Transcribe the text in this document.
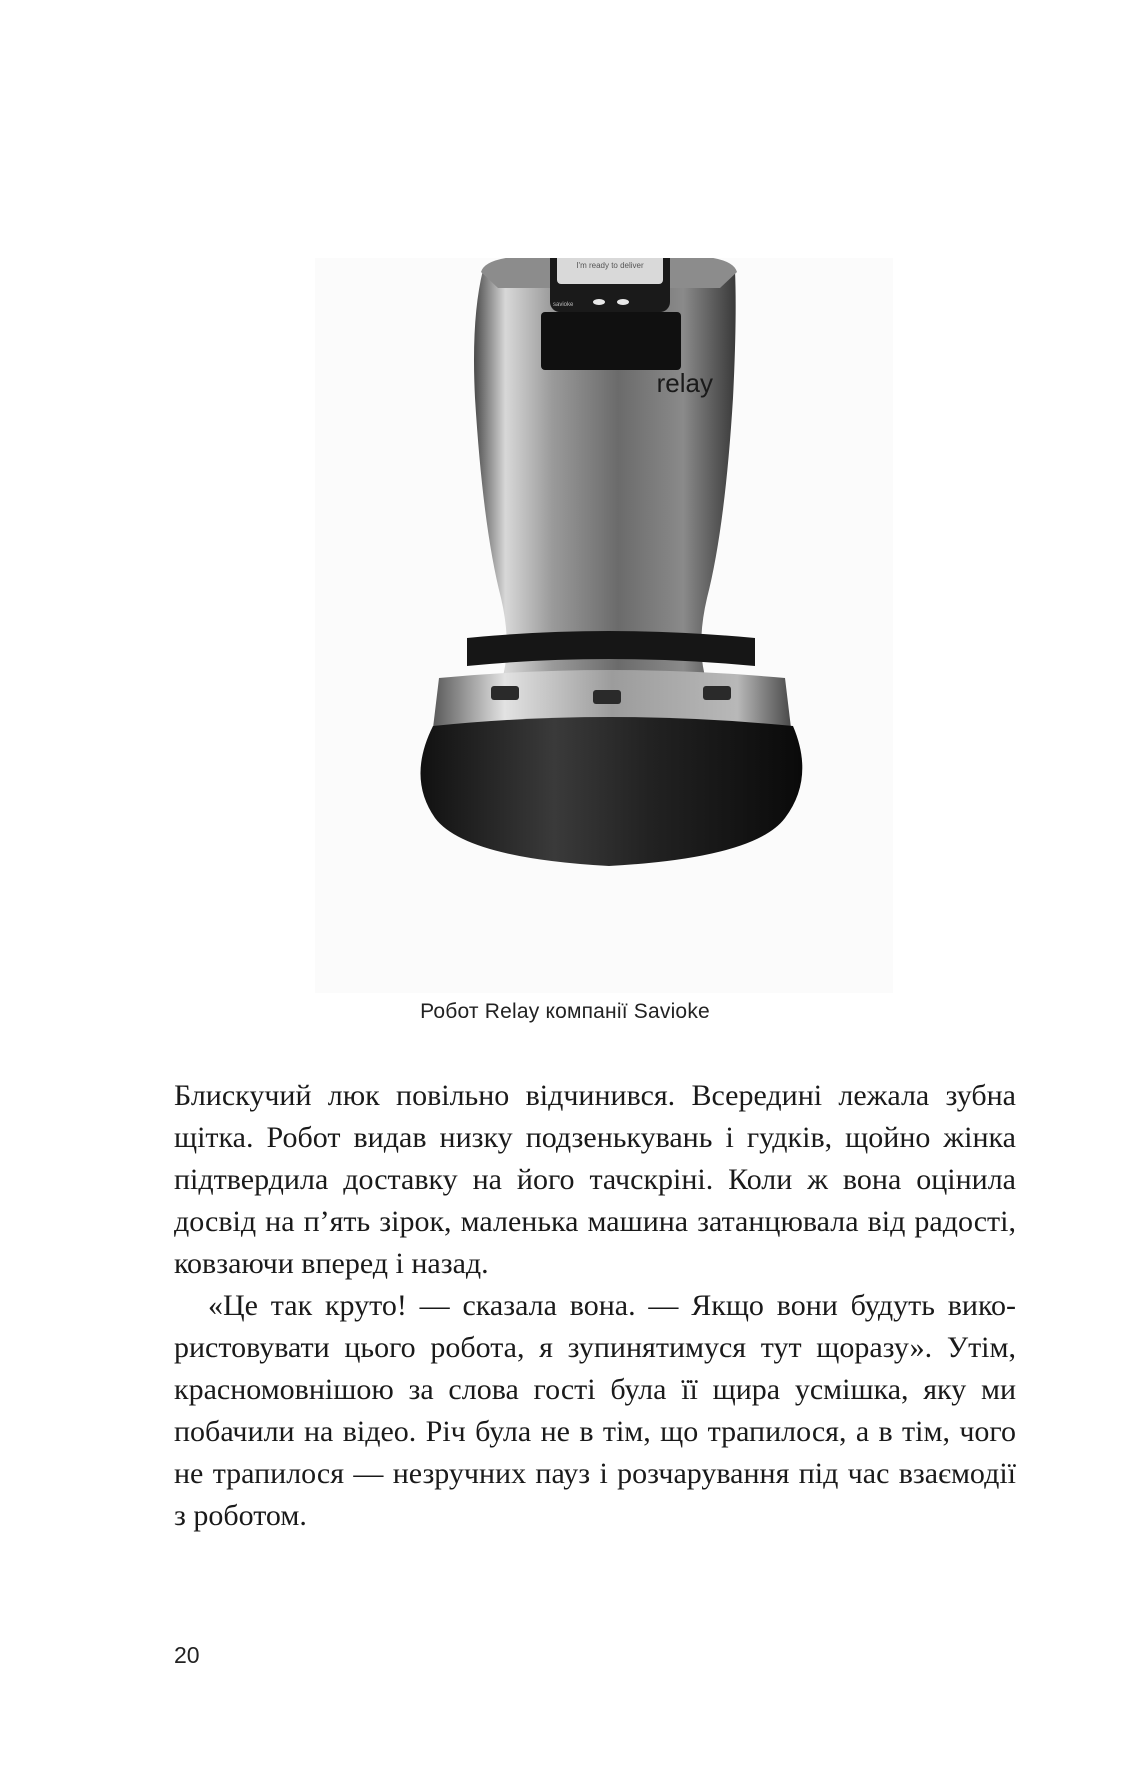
I'm ready to deliver
savioke
relay
Робот Relay компанії Savioke

Блискучий люк повільно відчинився. Всередині лежала зубна щітка. Робот видав низку подзенькувань і гудків, щойно жінка підтвердила доставку на його тачскріні. Коли ж вона оцінила досвід на п’ять зірок, маленька машина затанцювала від радості, ковзаючи вперед і назад.

«Це так круто! — сказала вона. — Якщо вони будуть використовувати цього робота, я зупинятимуся тут щоразу». Утім, красномовнішою за слова гості була її щира усмішка, яку ми побачили на відео. Річ була не в тім, що трапилося, а в тім, чого не трапилося — незручних пауз і розчарування під час взаємодії з роботом.

20
